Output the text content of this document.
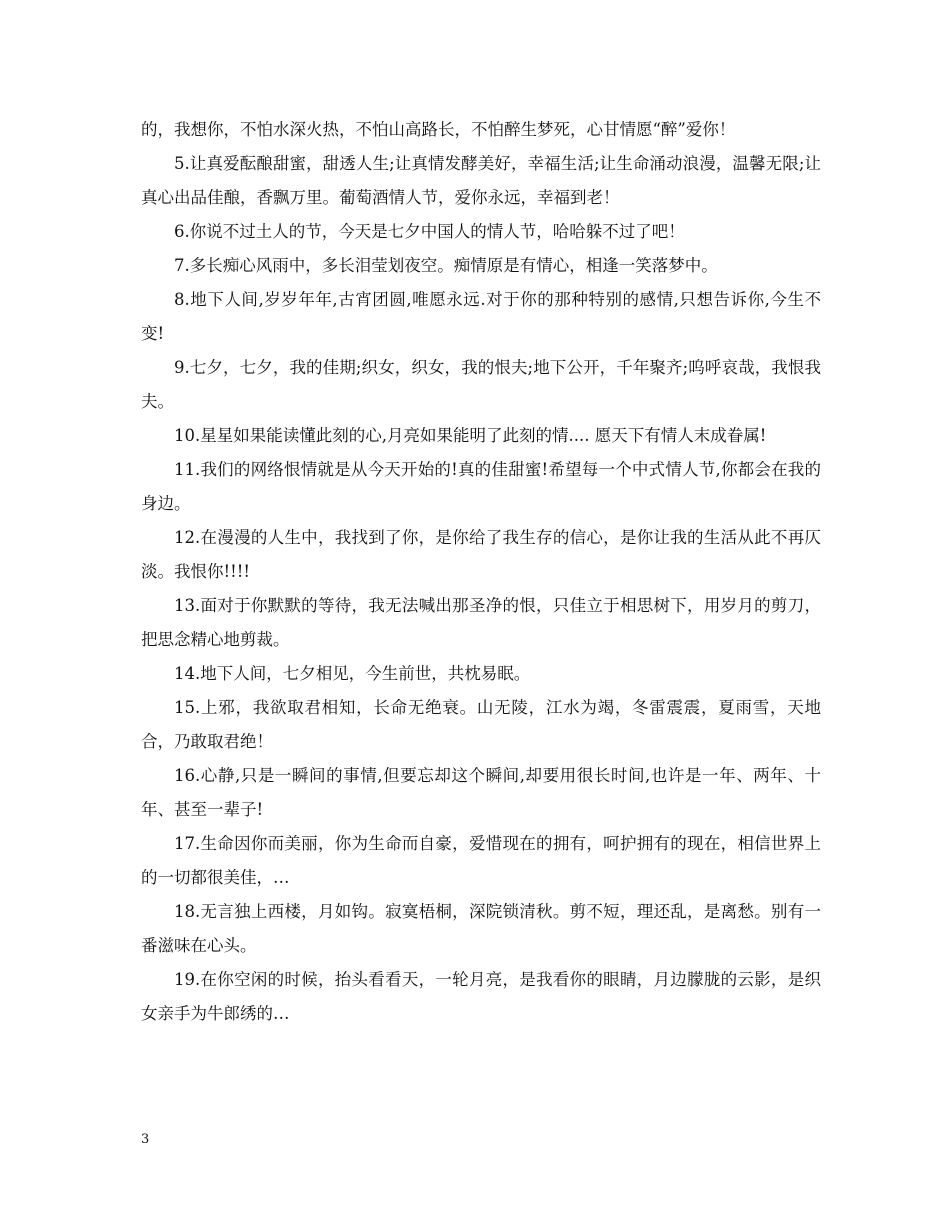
的，我想你，不怕水深火热，不怕山高路长，不怕醉生梦死，心甘情愿“醉”爱你！

5.让真爱酝酿甜蜜，甜透人生;让真情发酵美好，幸福生活;让生命涌动浪漫，温馨无限;让真心出品佳酿，香飘万里。葡萄酒情人节，爱你永远，幸福到老！

6.你说不过土人的节，今天是七夕中国人的情人节，哈哈躲不过了吧！

7.多长痴心风雨中，多长泪莹划夜空。痴情原是有情心，相逢一笑落梦中。

8.地下人间,岁岁年年,古宵团圆,唯愿永远.对于你的那种特别的感情,只想告诉你,今生不变!

9.七夕，七夕，我的佳期;织女，织女，我的恨夫;地下公开，千年聚齐;呜呼哀哉，我恨我夫。

10.星星如果能读懂此刻的心,月亮如果能明了此刻的情.... 愿天下有情人末成眷属!

11.我们的网络恨情就是从今天开始的!真的佳甜蜜!希望每一个中式情人节,你都会在我的身边。

12.在漫漫的人生中，我找到了你，是你给了我生存的信心，是你让我的生活从此不再仄淡。我恨你!!!!

13.面对于你默默的等待，我无法喊出那圣净的恨，只佳立于相思树下，用岁月的剪刀，把思念精心地剪裁。

14.地下人间，七夕相见，今生前世，共枕易眠。

15.上邪，我欲取君相知，长命无绝衰。山无陵，江水为竭，冬雷震震，夏雨雪，天地合，乃敢取君绝！

16.心静,只是一瞬间的事情,但要忘却这个瞬间,却要用很长时间,也许是一年、两年、十年、甚至一辈子!

17.生命因你而美丽，你为生命而自豪，爱惜现在的拥有，呵护拥有的现在，相信世界上的一切都很美佳，…

18.无言独上西楼，月如钩。寂寞梧桐，深院锁清秋。剪不短，理还乱，是离愁。别有一番滋味在心头。

19.在你空闲的时候，抬头看看天，一轮月亮，是我看你的眼睛，月边朦胧的云影，是织女亲手为牛郎绣的…

3
